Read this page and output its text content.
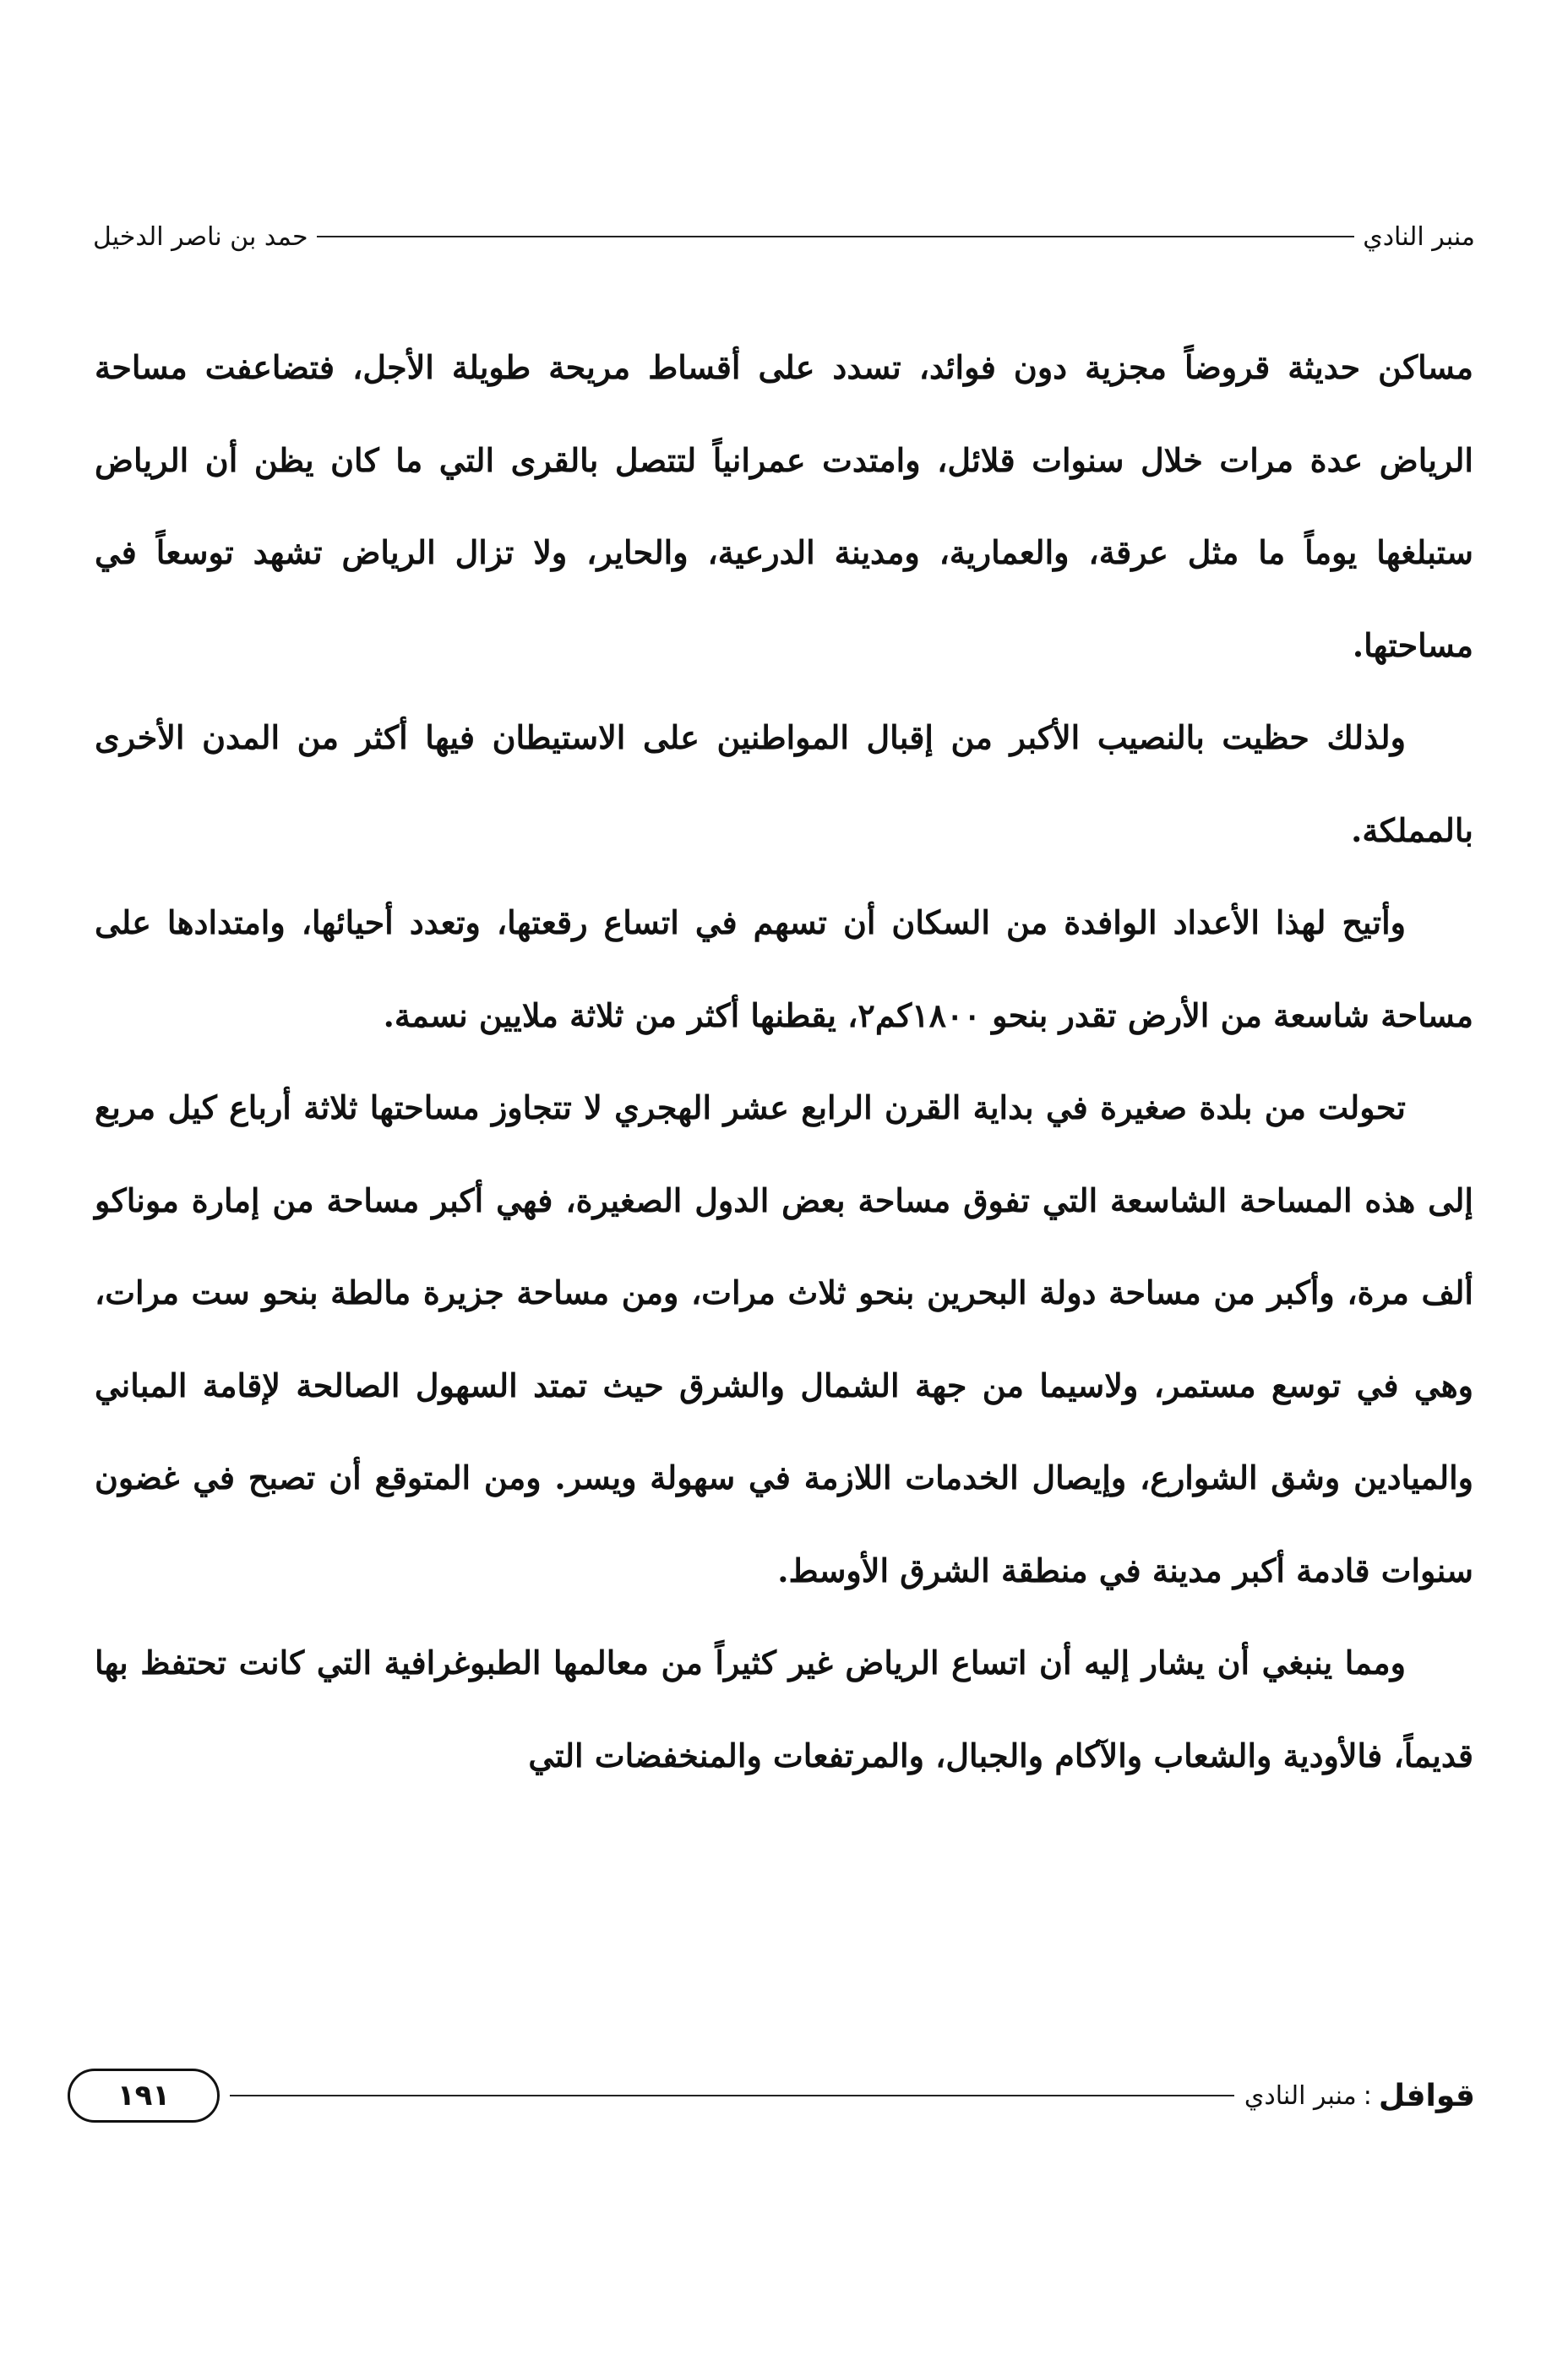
منبر النادي
حمد بن ناصر الدخيل

مساكن حديثة قروضاً مجزية دون فوائد، تسدد على أقساط مريحة طويلة الأجل، فتضاعفت مساحة الرياض عدة مرات خلال سنوات قلائل، وامتدت عمرانياً لتتصل بالقرى التي ما كان يظن أن الرياض ستبلغها يوماً ما مثل عرقة، والعمارية، ومدينة الدرعية، والحاير، ولا تزال الرياض تشهد توسعاً في مساحتها.

ولذلك حظيت بالنصيب الأكبر من إقبال المواطنين على الاستيطان فيها أكثر من المدن الأخرى بالمملكة.

وأتيح لهذا الأعداد الوافدة من السكان أن تسهم في اتساع رقعتها، وتعدد أحيائها، وامتدادها على مساحة شاسعة من الأرض تقدر بنحو ١٨٠٠كم٢، يقطنها أكثر من ثلاثة ملايين نسمة.

تحولت من بلدة صغيرة في بداية القرن الرابع عشر الهجري لا تتجاوز مساحتها ثلاثة أرباع كيل مربع إلى هذه المساحة الشاسعة التي تفوق مساحة بعض الدول الصغيرة، فهي أكبر مساحة من إمارة موناكو ألف مرة، وأكبر من مساحة دولة البحرين بنحو ثلاث مرات، ومن مساحة جزيرة مالطة بنحو ست مرات، وهي في توسع مستمر، ولاسيما من جهة الشمال والشرق حيث تمتد السهول الصالحة لإقامة المباني والميادين وشق الشوارع، وإيصال الخدمات اللازمة في سهولة ويسر. ومن المتوقع أن تصبح في غضون سنوات قادمة أكبر مدينة في منطقة الشرق الأوسط.

ومما ينبغي أن يشار إليه أن اتساع الرياض غير كثيراً من معالمها الطبوغرافية التي كانت تحتفظ بها قديماً، فالأودية والشعاب والآكام والجبال، والمرتفعات والمنخفضات التي

قوافل
:
منبر النادي
١٩١
